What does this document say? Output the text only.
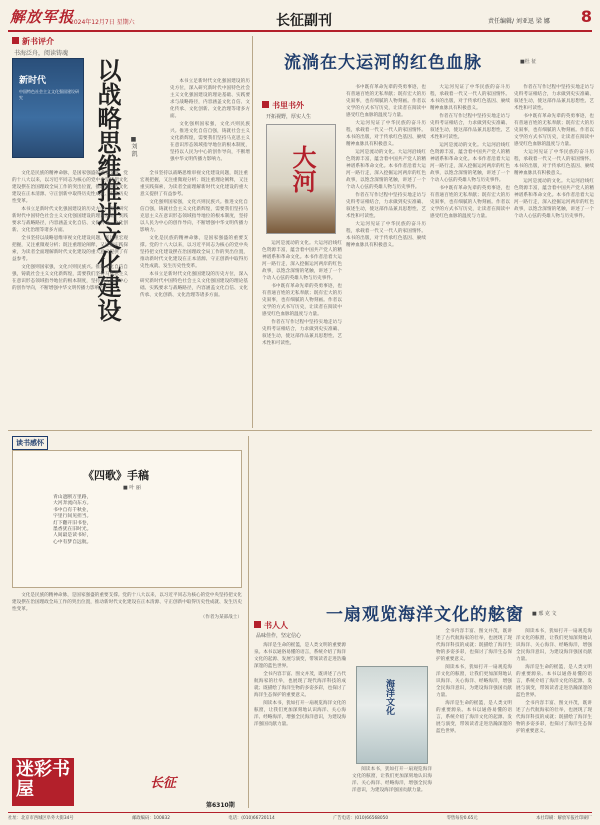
解放军报
2024年12月7日 星期六	长征副刊	责任编辑/ 刘亚迅 梁 娜 8
新书评介
书海泛舟，阅读铸魂
新时代
中国特色社会主义文化强国建设研究	以战略思维推进文化建设	■刘 凯
文化是民族的精神命脉，是国家强盛的重要支撑。党的十八大以来，以习近平同志为核心的党中央坚持把文化建设摆在治国理政全局工作的突出位置，推动新时代文化建设在正本清源、守正创新中取得历史性成就、发生历史性变革。
本书立足新时代文化强国建设的历史方位，深入研究新时代中国特色社会主义文化强国建设的理论基础、实践要求与战略路径，内容涵盖文化自信、文化传承、文化创新、文化治理等诸多方面。
全书坚持以战略思维审视文化建设问题，既注重宏观把握，又注重微观分析；既注重理论阐释，又注重实践探索，为读者全面理解新时代文化建设的重大意义提供了有益参考。
文化强则国家强，文化兴则民族兴。推进文化自信自强，铸就社会主义文化新辉煌，需要我们坚持马克思主义在意识形态领域指导地位的根本制度，坚持以人民为中心的创作导向，不断增强中华文明传播力影响力。
全书坚持以战略思维审视文化建设问题，既注重宏观把握，又注重微观分析；既注重理论阐释，又注重实践探索，为读者全面理解新时代文化建设的重大意义提供了有益参考。
文化强则国家强，文化兴则民族兴。推进文化自信自强，铸就社会主义文化新辉煌，需要我们坚持马克思主义在意识形态领域指导地位的根本制度，坚持以人民为中心的创作导向，不断增强中华文明传播力影响力。
文化是民族的精神命脉，是国家强盛的重要支撑。党的十八大以来，以习近平同志为核心的党中央坚持把文化建设摆在治国理政全局工作的突出位置，推动新时代文化建设在正本清源、守正创新中取得历史性成就、发生历史性变革。
本书立足新时代文化强国建设的历史方位，深入研究新时代中国特色社会主义文化强国建设的理论基础、实践要求与战略路径，内容涵盖文化自信、文化传承、文化创新、文化治理等诸多方面。
本书立足新时代文化强国建设的历史方位，深入研究新时代中国特色社会主义文化强国建设的理论基础、实践要求与战略路径，内容涵盖文化自信、文化传承、文化创新、文化治理等诸多方面。
文化强则国家强，文化兴则民族兴。推进文化自信自强，铸就社会主义文化新辉煌，需要我们坚持马克思主义在意识形态领域指导地位的根本制度，坚持以人民为中心的创作导向，不断增强中华文明传播力影响力。
流淌在大运河的红色血脉	■杜 征
书里书外
开拓视野，厚实人生
大河
运河是流动的文化。大运河沿线红色资源丰富，蕴含着中国共产党人的精神谱系和革命文化。本书作者沿着大运河一路行走，深入挖掘运河两岸的红色故事，以饱含深情的笔触，讲述了一个个动人心弦的英雄人物与历史事件。
书中既有革命先辈的英勇事迹，也有普通百姓的无私奉献；既有宏大的历史叙事，也有细腻的人物刻画。作者以文学的方式书写历史，让读者在阅读中感受红色血脉的温度与力量。
作者在写作过程中坚持实地走访与史料考证相结合，力求做到史实准确、叙述生动，使这部作品兼具思想性、艺术性和可读性。
书中既有革命先辈的英勇事迹，也有普通百姓的无私奉献；既有宏大的历史叙事，也有细腻的人物刻画。作者以文学的方式书写历史，让读者在阅读中感受红色血脉的温度与力量。
大运河见证了中华民族的奋斗历程，承载着一代又一代人的家国情怀。本书的出版，对于传承红色基因、赓续精神血脉具有积极意义。
运河是流动的文化。大运河沿线红色资源丰富，蕴含着中国共产党人的精神谱系和革命文化。本书作者沿着大运河一路行走，深入挖掘运河两岸的红色故事，以饱含深情的笔触，讲述了一个个动人心弦的英雄人物与历史事件。
作者在写作过程中坚持实地走访与史料考证相结合，力求做到史实准确、叙述生动，使这部作品兼具思想性、艺术性和可读性。
大运河见证了中华民族的奋斗历程，承载着一代又一代人的家国情怀。本书的出版，对于传承红色基因、赓续精神血脉具有积极意义。
大运河见证了中华民族的奋斗历程，承载着一代又一代人的家国情怀。本书的出版，对于传承红色基因、赓续精神血脉具有积极意义。
作者在写作过程中坚持实地走访与史料考证相结合，力求做到史实准确、叙述生动，使这部作品兼具思想性、艺术性和可读性。
运河是流动的文化。大运河沿线红色资源丰富，蕴含着中国共产党人的精神谱系和革命文化。本书作者沿着大运河一路行走，深入挖掘运河两岸的红色故事，以饱含深情的笔触，讲述了一个个动人心弦的英雄人物与历史事件。
书中既有革命先辈的英勇事迹，也有普通百姓的无私奉献；既有宏大的历史叙事，也有细腻的人物刻画。作者以文学的方式书写历史，让读者在阅读中感受红色血脉的温度与力量。
作者在写作过程中坚持实地走访与史料考证相结合，力求做到史实准确、叙述生动，使这部作品兼具思想性、艺术性和可读性。
书中既有革命先辈的英勇事迹，也有普通百姓的无私奉献；既有宏大的历史叙事，也有细腻的人物刻画。作者以文学的方式书写历史，让读者在阅读中感受红色血脉的温度与力量。
大运河见证了中华民族的奋斗历程，承载着一代又一代人的家国情怀。本书的出版，对于传承红色基因、赓续精神血脉具有积极意义。
运河是流动的文化。大运河沿线红色资源丰富，蕴含着中国共产党人的精神谱系和革命文化。本书作者沿着大运河一路行走，深入挖掘运河两岸的红色故事，以饱含深情的笔触，讲述了一个个动人心弦的英雄人物与历史事件。
读书感怀
《四歌》手稿
■ 叶 丽
青山遮断万里路，
大河奔流向东方。
书中自有千秋业，
字里行间见担当。
灯下翻开旧书卷，
墨香犹在旧时光。
人间最是读书好，
心中有梦自远航。
文化是民族的精神命脉，是国家强盛的重要支撑。党的十八大以来，以习近平同志为核心的党中央坚持把文化建设摆在治国理政全局工作的突出位置，推动新时代文化建设在正本清源、守正创新中取得历史性成就、发生历史性变革。
（作者为某部战士）	一扇观览海洋文化的舷窗 ■ 邢 克 文
书人人
品味佳作，坚定信心
海洋是生命的摇篮，是人类文明的重要源泉。本书以通俗易懂的语言，系统介绍了海洋文化的起源、发展与演变，带领读者走进浩瀚深邃的蓝色世界。
全书内容丰富、图文并茂，既讲述了古代航海家的壮举，也展现了现代海洋科技的成就；既描绘了海洋生物的多姿多彩，也探讨了海洋生态保护的重要意义。
阅读本书，犹如打开一扇观览海洋文化的舷窗，让我们更加深刻地认识海洋、关心海洋、经略海洋，增强全民海洋意识，为建设海洋强国贡献力量。
海洋文化
阅读本书，犹如打开一扇观览海洋文化的舷窗，让我们更加深刻地认识海洋、关心海洋、经略海洋，增强全民海洋意识，为建设海洋强国贡献力量。
全书内容丰富、图文并茂，既讲述了古代航海家的壮举，也展现了现代海洋科技的成就；既描绘了海洋生物的多姿多彩，也探讨了海洋生态保护的重要意义。
阅读本书，犹如打开一扇观览海洋文化的舷窗，让我们更加深刻地认识海洋、关心海洋、经略海洋，增强全民海洋意识，为建设海洋强国贡献力量。
海洋是生命的摇篮，是人类文明的重要源泉。本书以通俗易懂的语言，系统介绍了海洋文化的起源、发展与演变，带领读者走进浩瀚深邃的蓝色世界。
阅读本书，犹如打开一扇观览海洋文化的舷窗，让我们更加深刻地认识海洋、关心海洋、经略海洋，增强全民海洋意识，为建设海洋强国贡献力量。
海洋是生命的摇篮，是人类文明的重要源泉。本书以通俗易懂的语言，系统介绍了海洋文化的起源、发展与演变，带领读者走进浩瀚深邃的蓝色世界。
全书内容丰富、图文并茂，既讲述了古代航海家的壮举，也展现了现代海洋科技的成就；既描绘了海洋生物的多姿多彩，也探讨了海洋生态保护的重要意义。
迷彩书屋	长征
第6310期
社址：北京市西城区阜外大街34号	邮政编码：100832	电话：(010)66720114	广告电话：(010)66568050	零售每份0.65元	本社印刷：解放军报社印刷厂
